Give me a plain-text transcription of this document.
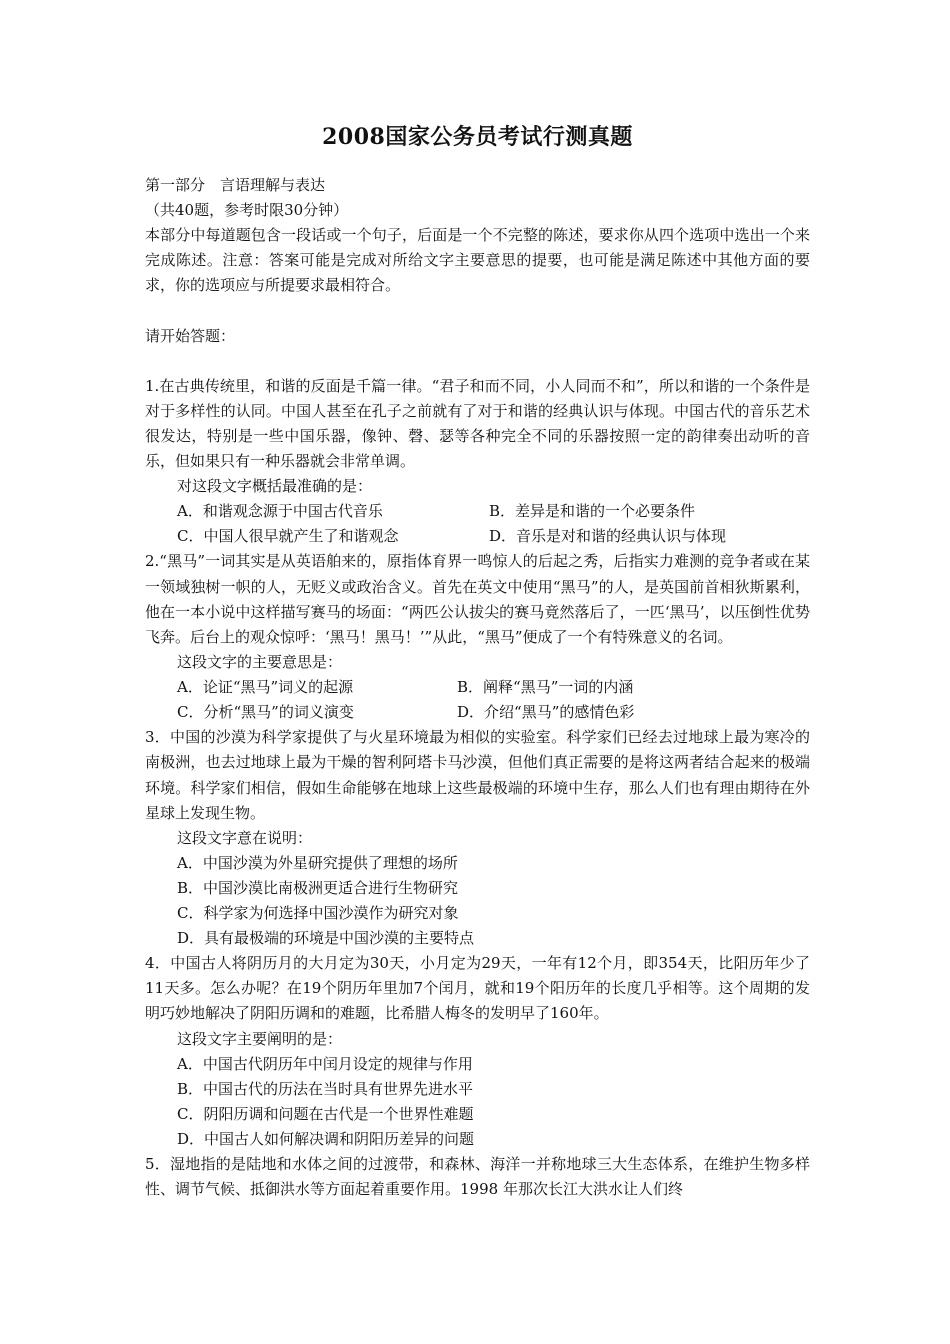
2008国家公务员考试行测真题
第一部分　言语理解与表达
（共40题，参考时限30分钟）
本部分中每道题包含一段话或一个句子，后面是一个不完整的陈述，要求你从四个选项中选出一个来完成陈述。注意：答案可能是完成对所给文字主要意思的提要，也可能是满足陈述中其他方面的要求，你的选项应与所提要求最相符合。
请开始答题：
1.在古典传统里，和谐的反面是千篇一律。“君子和而不同，小人同而不和”，所以和谐的一个条件是对于多样性的认同。中国人甚至在孔子之前就有了对于和谐的经典认识与体现。中国古代的音乐艺术很发达，特别是一些中国乐器，像钟、磬、瑟等各种完全不同的乐器按照一定的韵律奏出动听的音乐，但如果只有一种乐器就会非常单调。
对这段文字概括最准确的是：
A．和谐观念源于中国古代音乐	B．差异是和谐的一个必要条件
C．中国人很早就产生了和谐观念	D．音乐是对和谐的经典认识与体现
2.“黑马”一词其实是从英语舶来的，原指体育界一鸣惊人的后起之秀，后指实力难测的竞争者或在某一领域独树一帜的人，无贬义或政治含义。首先在英文中使用“黑马”的人，是英国前首相狄斯累利，他在一本小说中这样描写赛马的场面：“两匹公认拔尖的赛马竟然落后了，一匹‘黑马’，以压倒性优势飞奔。后台上的观众惊呼：‘黑马！黑马！’”从此，“黑马”便成了一个有特殊意义的名词。
这段文字的主要意思是：
A．论证“黑马”词义的起源	B．阐释“黑马”一词的内涵
C．分析“黑马”的词义演变	D．介绍“黑马”的感情色彩
3．中国的沙漠为科学家提供了与火星环境最为相似的实验室。科学家们已经去过地球上最为寒冷的南极洲，也去过地球上最为干燥的智利阿塔卡马沙漠，但他们真正需要的是将这两者结合起来的极端环境。科学家们相信，假如生命能够在地球上这些最极端的环境中生存，那么人们也有理由期待在外星球上发现生物。
这段文字意在说明：
A．中国沙漠为外星研究提供了理想的场所
B．中国沙漠比南极洲更适合进行生物研究
C．科学家为何选择中国沙漠作为研究对象
D．具有最极端的环境是中国沙漠的主要特点
4．中国古人将阴历月的大月定为30天，小月定为29天，一年有12个月，即354天，比阳历年少了11天多。怎么办呢？在19个阴历年里加7个闰月，就和19个阳历年的长度几乎相等。这个周期的发明巧妙地解决了阴阳历调和的难题，比希腊人梅冬的发明早了160年。
这段文字主要阐明的是：
A．中国古代阴历年中闰月设定的规律与作用
B．中国古代的历法在当时具有世界先进水平
C．阴阳历调和问题在古代是一个世界性难题
D．中国古人如何解决调和阴阳历差异的问题
5．湿地指的是陆地和水体之间的过渡带，和森林、海洋一并称地球三大生态体系，在维护生物多样性、调节气候、抵御洪水等方面起着重要作用。1998 年那次长江大洪水让人们终
